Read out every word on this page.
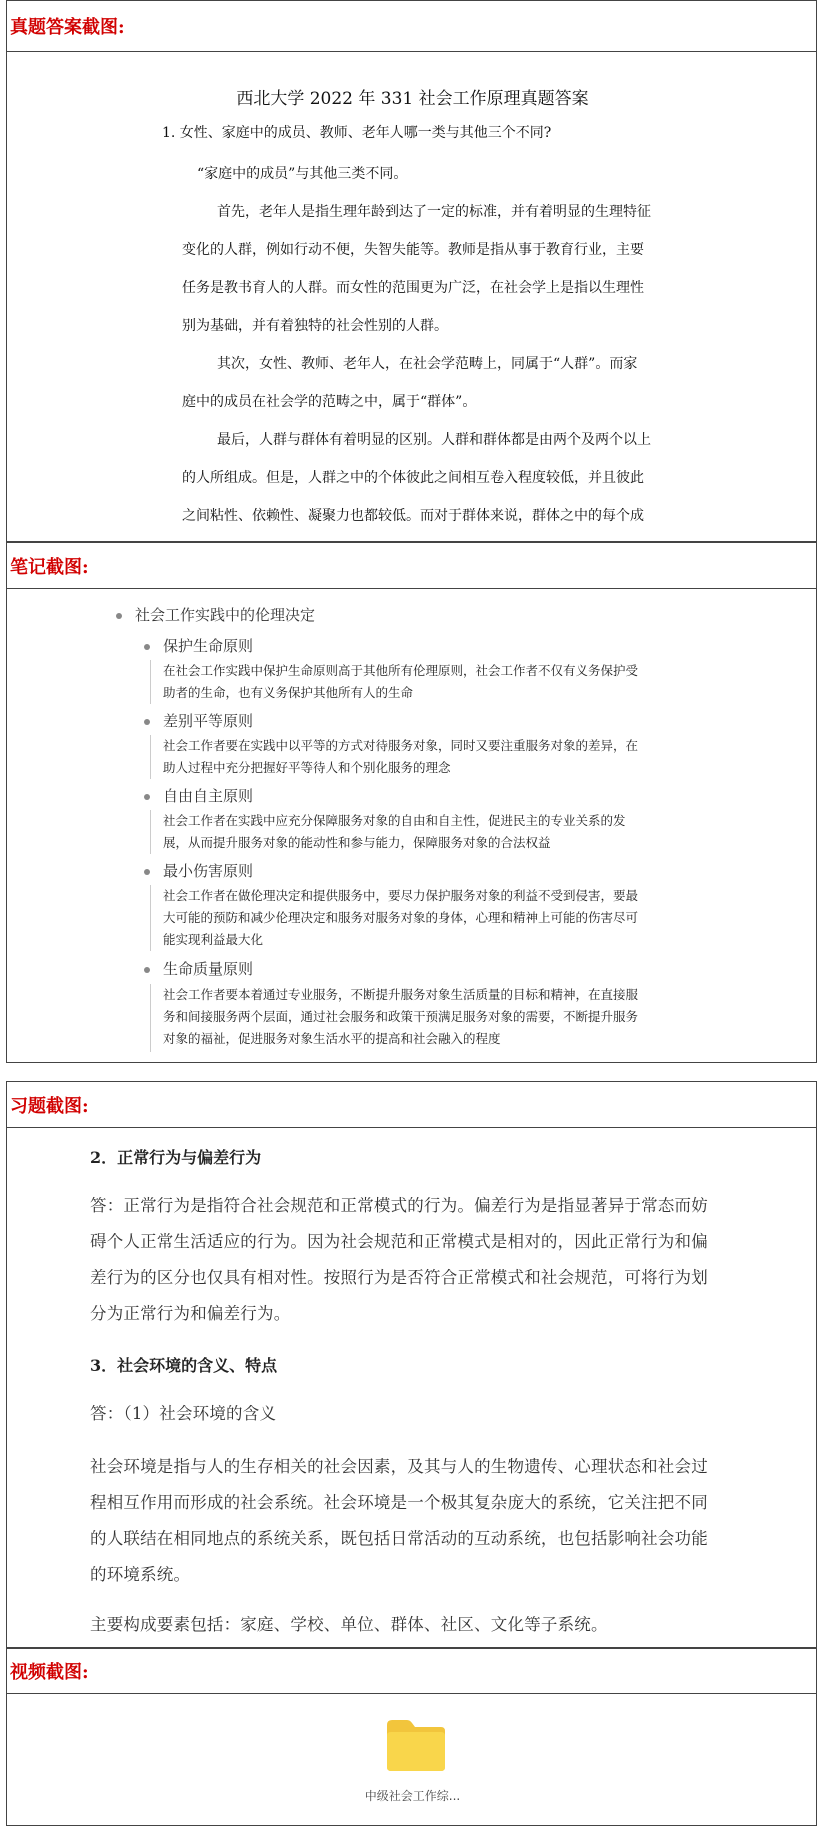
真题答案截图:
西北大学 2022 年 331 社会工作原理真题答案
1. 女性、家庭中的成员、教师、老年人哪一类与其他三个不同?
“家庭中的成员”与其他三类不同。
首先，老年人是指生理年龄到达了一定的标准，并有着明显的生理特征
变化的人群，例如行动不便，失智失能等。教师是指从事于教育行业，主要
任务是教书育人的人群。而女性的范围更为广泛，在社会学上是指以生理性
别为基础，并有着独特的社会性别的人群。
其次，女性、教师、老年人，在社会学范畴上，同属于“人群”。而家
庭中的成员在社会学的范畴之中，属于“群体”。
最后，人群与群体有着明显的区别。人群和群体都是由两个及两个以上
的人所组成。但是，人群之中的个体彼此之间相互卷入程度较低，并且彼此
之间粘性、依赖性、凝聚力也都较低。而对于群体来说，群体之中的每个成
笔记截图:
社会工作实践中的伦理决定
保护生命原则
在社会工作实践中保护生命原则高于其他所有伦理原则，社会工作者不仅有义务保护受
助者的生命，也有义务保护其他所有人的生命
差别平等原则
社会工作者要在实践中以平等的方式对待服务对象，同时又要注重服务对象的差异，在
助人过程中充分把握好平等待人和个别化服务的理念
自由自主原则
社会工作者在实践中应充分保障服务对象的自由和自主性，促进民主的专业关系的发
展，从而提升服务对象的能动性和参与能力，保障服务对象的合法权益
最小伤害原则
社会工作者在做伦理决定和提供服务中，要尽力保护服务对象的利益不受到侵害，要最
大可能的预防和减少伦理决定和服务对服务对象的身体，心理和精神上可能的伤害尽可
能实现利益最大化
生命质量原则
社会工作者要本着通过专业服务，不断提升服务对象生活质量的目标和精神，在直接服
务和间接服务两个层面，通过社会服务和政策干预满足服务对象的需要，不断提升服务
对象的福祉，促进服务对象生活水平的提高和社会融入的程度
习题截图:
2．正常行为与偏差行为
答：正常行为是指符合社会规范和正常模式的行为。偏差行为是指显著异于常态而妨
碍个人正常生活适应的行为。因为社会规范和正常模式是相对的，因此正常行为和偏
差行为的区分也仅具有相对性。按照行为是否符合正常模式和社会规范，可将行为划
分为正常行为和偏差行为。
3．社会环境的含义、特点
答：（1）社会环境的含义
社会环境是指与人的生存相关的社会因素，及其与人的生物遗传、心理状态和社会过
程相互作用而形成的社会系统。社会环境是一个极其复杂庞大的系统，它关注把不同
的人联结在相同地点的系统关系，既包括日常活动的互动系统，也包括影响社会功能
的环境系统。
主要构成要素包括：家庭、学校、单位、群体、社区、文化等子系统。
视频截图:
中级社会工作综...
